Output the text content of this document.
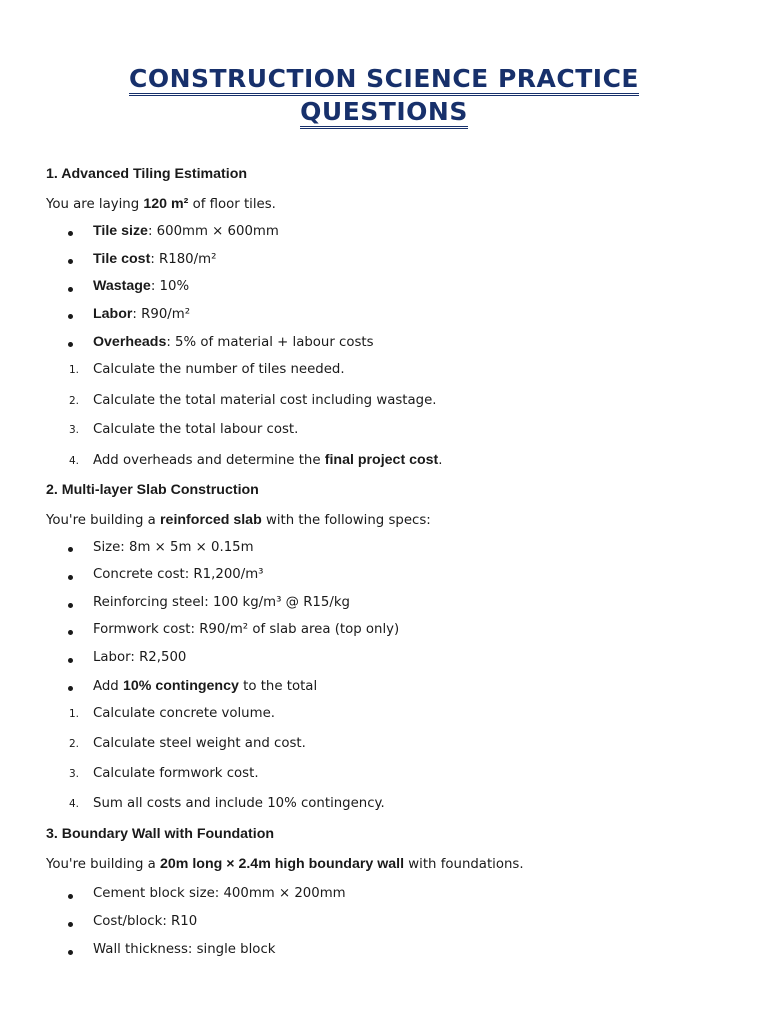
CONSTRUCTION SCIENCE PRACTICE
QUESTIONS
1. Advanced Tiling Estimation
You are laying 120 m² of floor tiles.
Tile size: 600mm × 600mm
Tile cost: R180/m²
Wastage: 10%
Labor: R90/m²
Overheads: 5% of material + labour costs
1. Calculate the number of tiles needed.
2. Calculate the total material cost including wastage.
3. Calculate the total labour cost.
4. Add overheads and determine the final project cost.
2. Multi-layer Slab Construction
You're building a reinforced slab with the following specs:
Size: 8m × 5m × 0.15m
Concrete cost: R1,200/m³
Reinforcing steel: 100 kg/m³ @ R15/kg
Formwork cost: R90/m² of slab area (top only)
Labor: R2,500
Add 10% contingency to the total
1. Calculate concrete volume.
2. Calculate steel weight and cost.
3. Calculate formwork cost.
4. Sum all costs and include 10% contingency.
3. Boundary Wall with Foundation
You're building a 20m long × 2.4m high boundary wall with foundations.
Cement block size: 400mm × 200mm
Cost/block: R10
Wall thickness: single block
